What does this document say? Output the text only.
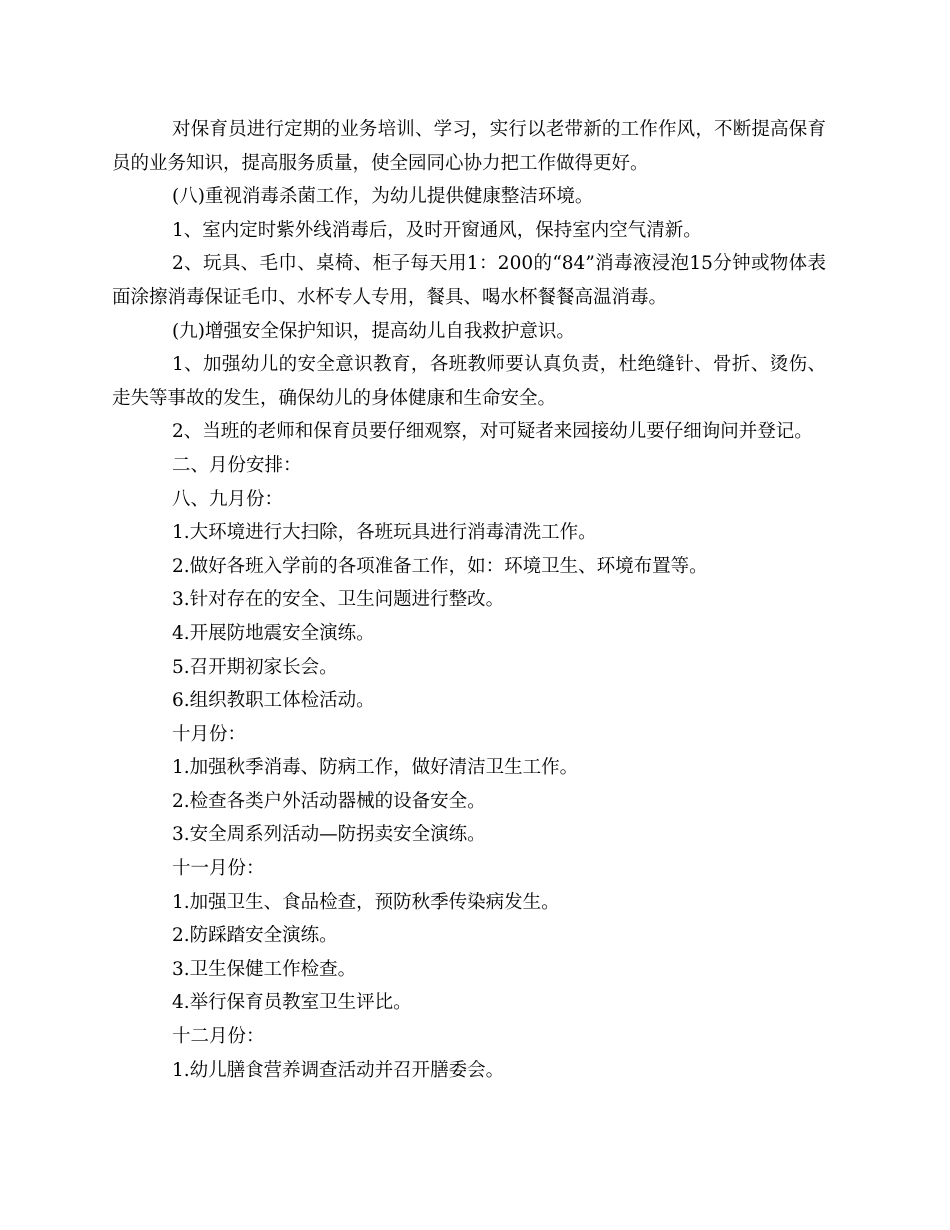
对保育员进行定期的业务培训、学习，实行以老带新的工作作风，不断提高保育员的业务知识，提高服务质量，使全园同心协力把工作做得更好。

(八)重视消毒杀菌工作，为幼儿提供健康整洁环境。

1、室内定时紫外线消毒后，及时开窗通风，保持室内空气清新。

2、玩具、毛巾、桌椅、柜子每天用1：200的“84”消毒液浸泡15分钟或物体表面涂擦消毒保证毛巾、水杯专人专用，餐具、喝水杯餐餐高温消毒。

(九)增强安全保护知识，提高幼儿自我救护意识。

1、加强幼儿的安全意识教育，各班教师要认真负责，杜绝缝针、骨折、烫伤、走失等事故的发生，确保幼儿的身体健康和生命安全。

2、当班的老师和保育员要仔细观察，对可疑者来园接幼儿要仔细询问并登记。

二、月份安排：

八、九月份：

1.大环境进行大扫除，各班玩具进行消毒清洗工作。

2.做好各班入学前的各项准备工作，如：环境卫生、环境布置等。

3.针对存在的安全、卫生问题进行整改。

4.开展防地震安全演练。

5.召开期初家长会。

6.组织教职工体检活动。

十月份：

1.加强秋季消毒、防病工作，做好清洁卫生工作。

2.检查各类户外活动器械的设备安全。

3.安全周系列活动—防拐卖安全演练。

十一月份：

1.加强卫生、食品检查，预防秋季传染病发生。

2.防踩踏安全演练。

3.卫生保健工作检查。

4.举行保育员教室卫生评比。

十二月份：

1.幼儿膳食营养调查活动并召开膳委会。
